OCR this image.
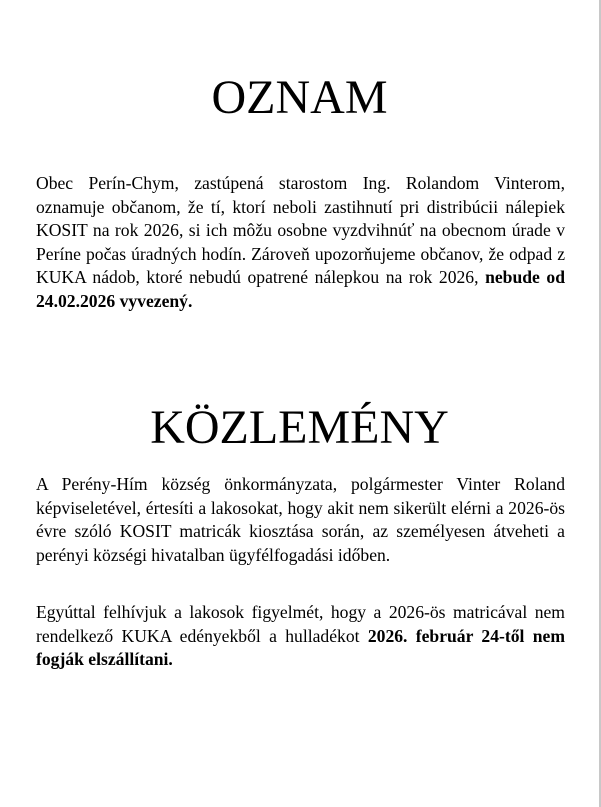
OZNAM

Obec Perín-Chym, zastúpená starostom Ing. Rolandom Vinterom, oznamuje občanom, že tí, ktorí neboli zastihnutí pri distribúcii nálepiek KOSIT na rok 2026, si ich môžu osobne vyzdvihnúť na obecnom úrade v Períne počas úradných hodín. Zároveň upozorňujeme občanov, že odpad z KUKA nádob, ktoré nebudú opatrené nálepkou na rok 2026, nebude od 24.02.2026 vyvezený.

KÖZLEMÉNY

A Perény-Hím község önkormányzata, polgármester Vinter Roland képviseletével, értesíti a lakosokat, hogy akit nem sikerült elérni a 2026-ös évre szóló KOSIT matricák kiosztása során, az személyesen átveheti a perényi községi hivatalban ügyfélfogadási időben.

Egyúttal felhívjuk a lakosok figyelmét, hogy a 2026-ös matricával nem rendelkező KUKA edényekből a hulladékot 2026. február 24-től nem fogják elszállítani.
